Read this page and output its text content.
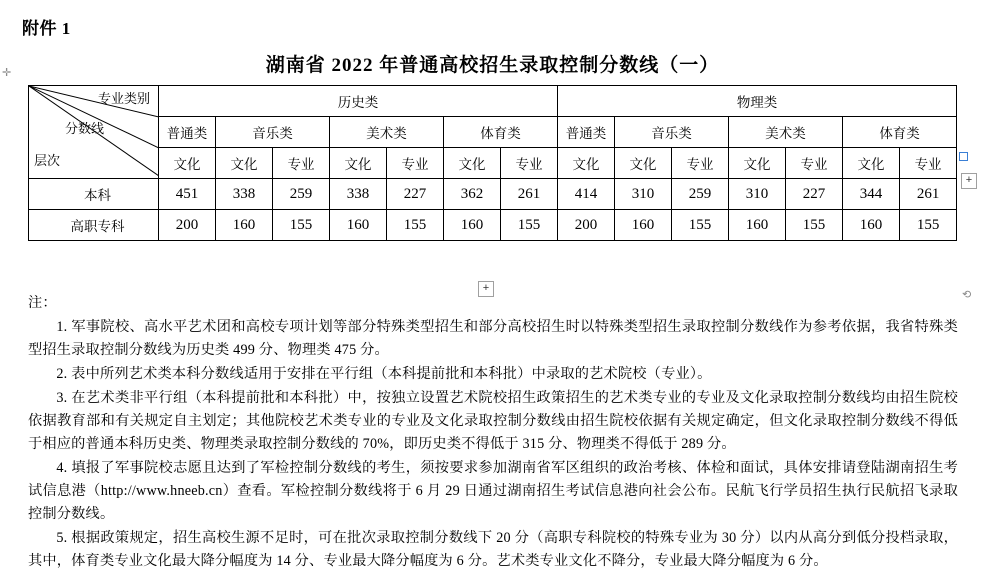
✛
⟲
附件 1
湖南省 2022 年普通高校招生录取控制分数线（一）
专业类别
分数线
层次	历史类							物理类						
	普通类	音乐类		美术类		体育类		普通类	音乐类		美术类		体育类	
	文化	文化	专业	文化	专业	文化	专业	文化	文化	专业	文化	专业	文化	专业
本科	451	338	259	338	227	362	261	414	310	259	310	227	344	261
高职专科	200	160	155	160	155	160	155	200	160	155	160	155	160	155
+
+

注：

1. 军事院校、高水平艺术团和高校专项计划等部分特殊类型招生和部分高校招生时以特殊类型招生录取控制分数线作为参考依据，我省特殊类型招生录取控制分数线为历史类 499 分、物理类 475 分。

2. 表中所列艺术类本科分数线适用于安排在平行组（本科提前批和本科批）中录取的艺术院校（专业）。

3. 在艺术类非平行组（本科提前批和本科批）中，按独立设置艺术院校招生政策招生的艺术类专业的专业及文化录取控制分数线均由招生院校依据教育部和有关规定自主划定；其他院校艺术类专业的专业及文化录取控制分数线由招生院校依据有关规定确定，但文化录取控制分数线不得低于相应的普通本科历史类、物理类录取控制分数线的 70%，即历史类不得低于 315 分、物理类不得低于 289 分。

4. 填报了军事院校志愿且达到了军检控制分数线的考生，须按要求参加湖南省军区组织的政治考核、体检和面试，具体安排请登陆湖南招生考试信息港（http://www.hneeb.cn）查看。军检控制分数线将于 6 月 29 日通过湖南招生考试信息港向社会公布。民航飞行学员招生执行民航招飞录取控制分数线。

5. 根据政策规定，招生高校生源不足时，可在批次录取控制分数线下 20 分（高职专科院校的特殊专业为 30 分）以内从高分到低分投档录取，其中，体育类专业文化最大降分幅度为 14 分、专业最大降分幅度为 6 分。艺术类专业文化不降分，专业最大降分幅度为 6 分。
